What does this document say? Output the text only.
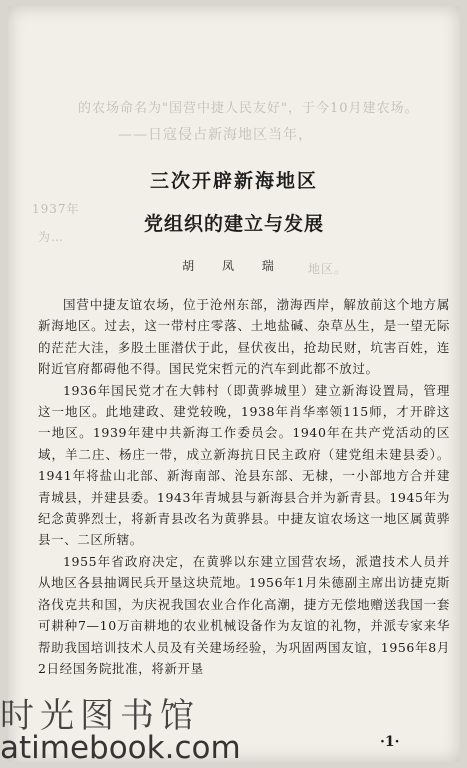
的农场命名为"国营中捷人民友好"，于今10月建农场。
——日寇侵占新海地区当年，
1937年
为…
地区。
三次开辟新海地区
党组织的建立与发展
胡 凤 瑞

国营中捷友谊农场，位于沧州东部，渤海西岸，解放前这个地方属新海地区。过去，这一带村庄零落、土地盐碱、杂草丛生，是一望无际的茫茫大洼，多股土匪潜伏于此，昼伏夜出，抢劫民财，坑害百姓，连附近官府都碍他不得。国民党宋哲元的汽车到此都不放过。

1936年国民党才在大韩村（即黄骅城里）建立新海设置局，管理这一地区。此地建政、建党较晚，1938年肖华率领115师，才开辟这一地区。1939年建中共新海工作委员会。1940年在共产党活动的区域，羊二庄、杨庄一带，成立新海抗日民主政府（建党组未建县委）。1941年将盐山北部、新海南部、沧县东部、无棣，一小部地方合并建青城县，并建县委。1943年青城县与新海县合并为新青县。1945年为纪念黄骅烈士，将新青县改名为黄骅县。中捷友谊农场这一地区属黄骅县一、二区所辖。

1955年省政府决定，在黄骅以东建立国营农场，派遣技术人员并从地区各县抽调民兵开垦这块荒地。1956年1月朱德副主席出访捷克斯洛伐克共和国，为庆祝我国农业合作化高潮，捷方无偿地赠送我国一套可耕种7—10万亩耕地的农业机械设备作为友谊的礼物，并派专家来华帮助我国培训技术人员及有关建场经验，为巩固两国友谊，1956年8月2日经国务院批准，将新开垦

·1·
时光图书馆
atimebook.com
